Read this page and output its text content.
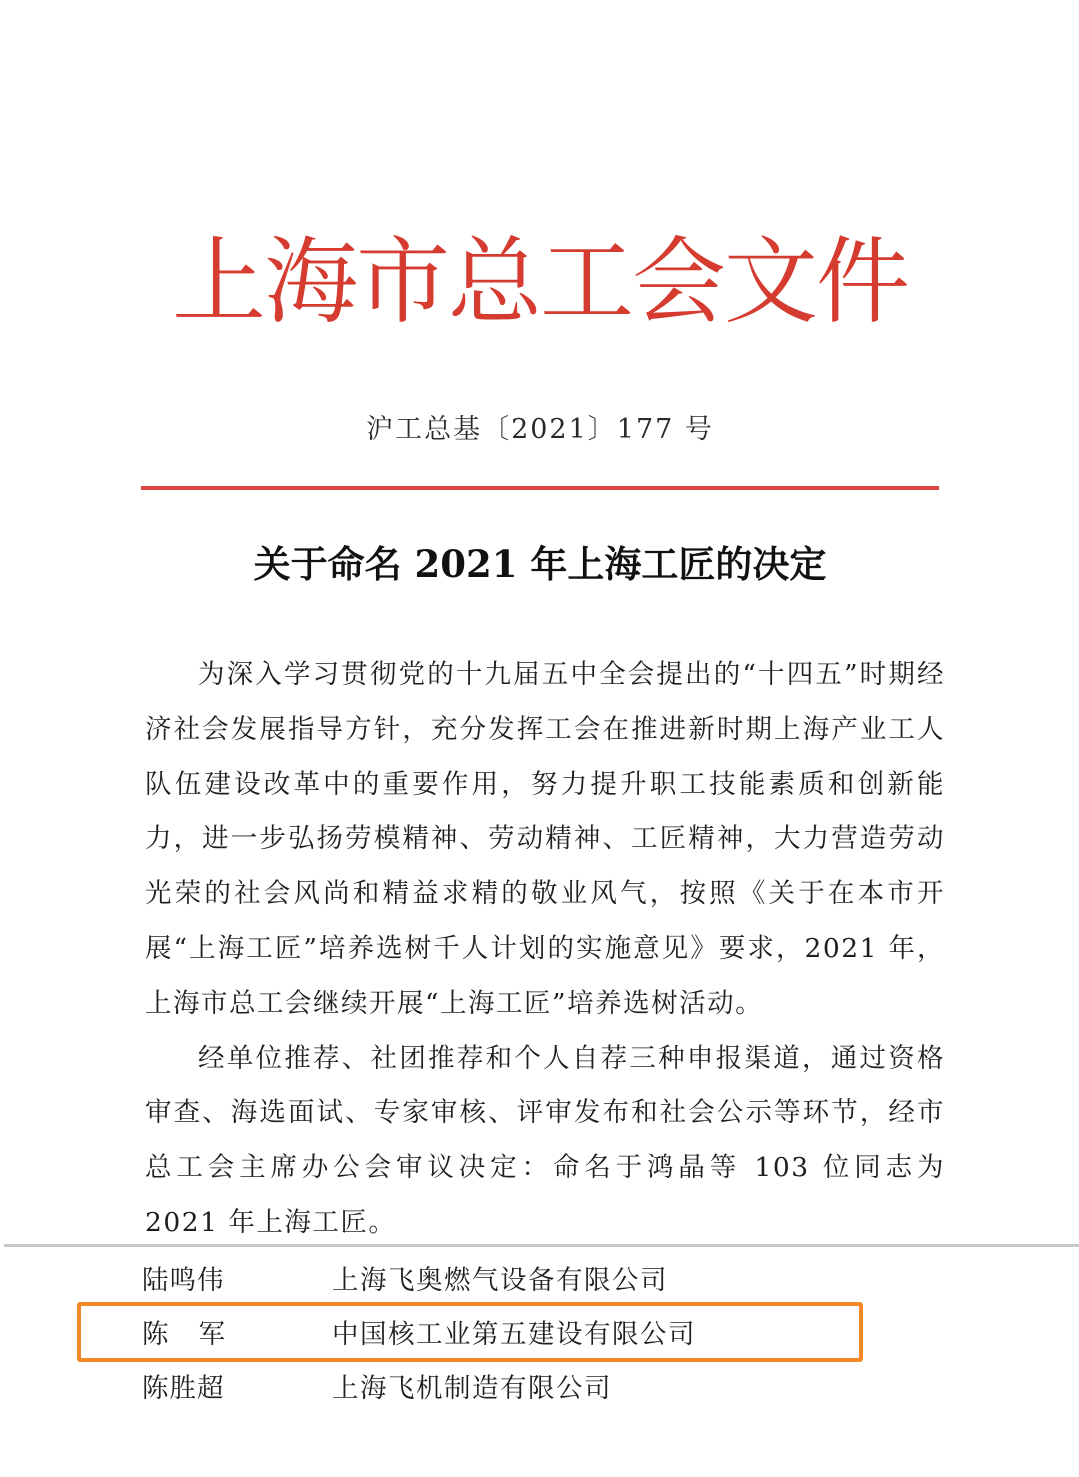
上海市总工会文件
沪工总基〔2021〕177 号
关于命名 2021 年上海工匠的决定

为深入学习贯彻党的十九届五中全会提出的“十四五”时期经济社会发展指导方针，充分发挥工会在推进新时期上海产业工人队伍建设改革中的重要作用，努力提升职工技能素质和创新能力，进一步弘扬劳模精神、劳动精神、工匠精神，大力营造劳动光荣的社会风尚和精益求精的敬业风气，按照《关于在本市开展“上海工匠”培养选树千人计划的实施意见》要求，2021 年，上海市总工会继续开展“上海工匠”培养选树活动。

经单位推荐、社团推荐和个人自荐三种申报渠道，通过资格审查、海选面试、专家审核、评审发布和社会公示等环节，经市总工会主席办公会审议决定：命名于鸿晶等 103 位同志为 2021 年上海工匠。

陆鸣伟	上海飞奥燃气设备有限公司
陈军	中国核工业第五建设有限公司
陈胜超	上海飞机制造有限公司
